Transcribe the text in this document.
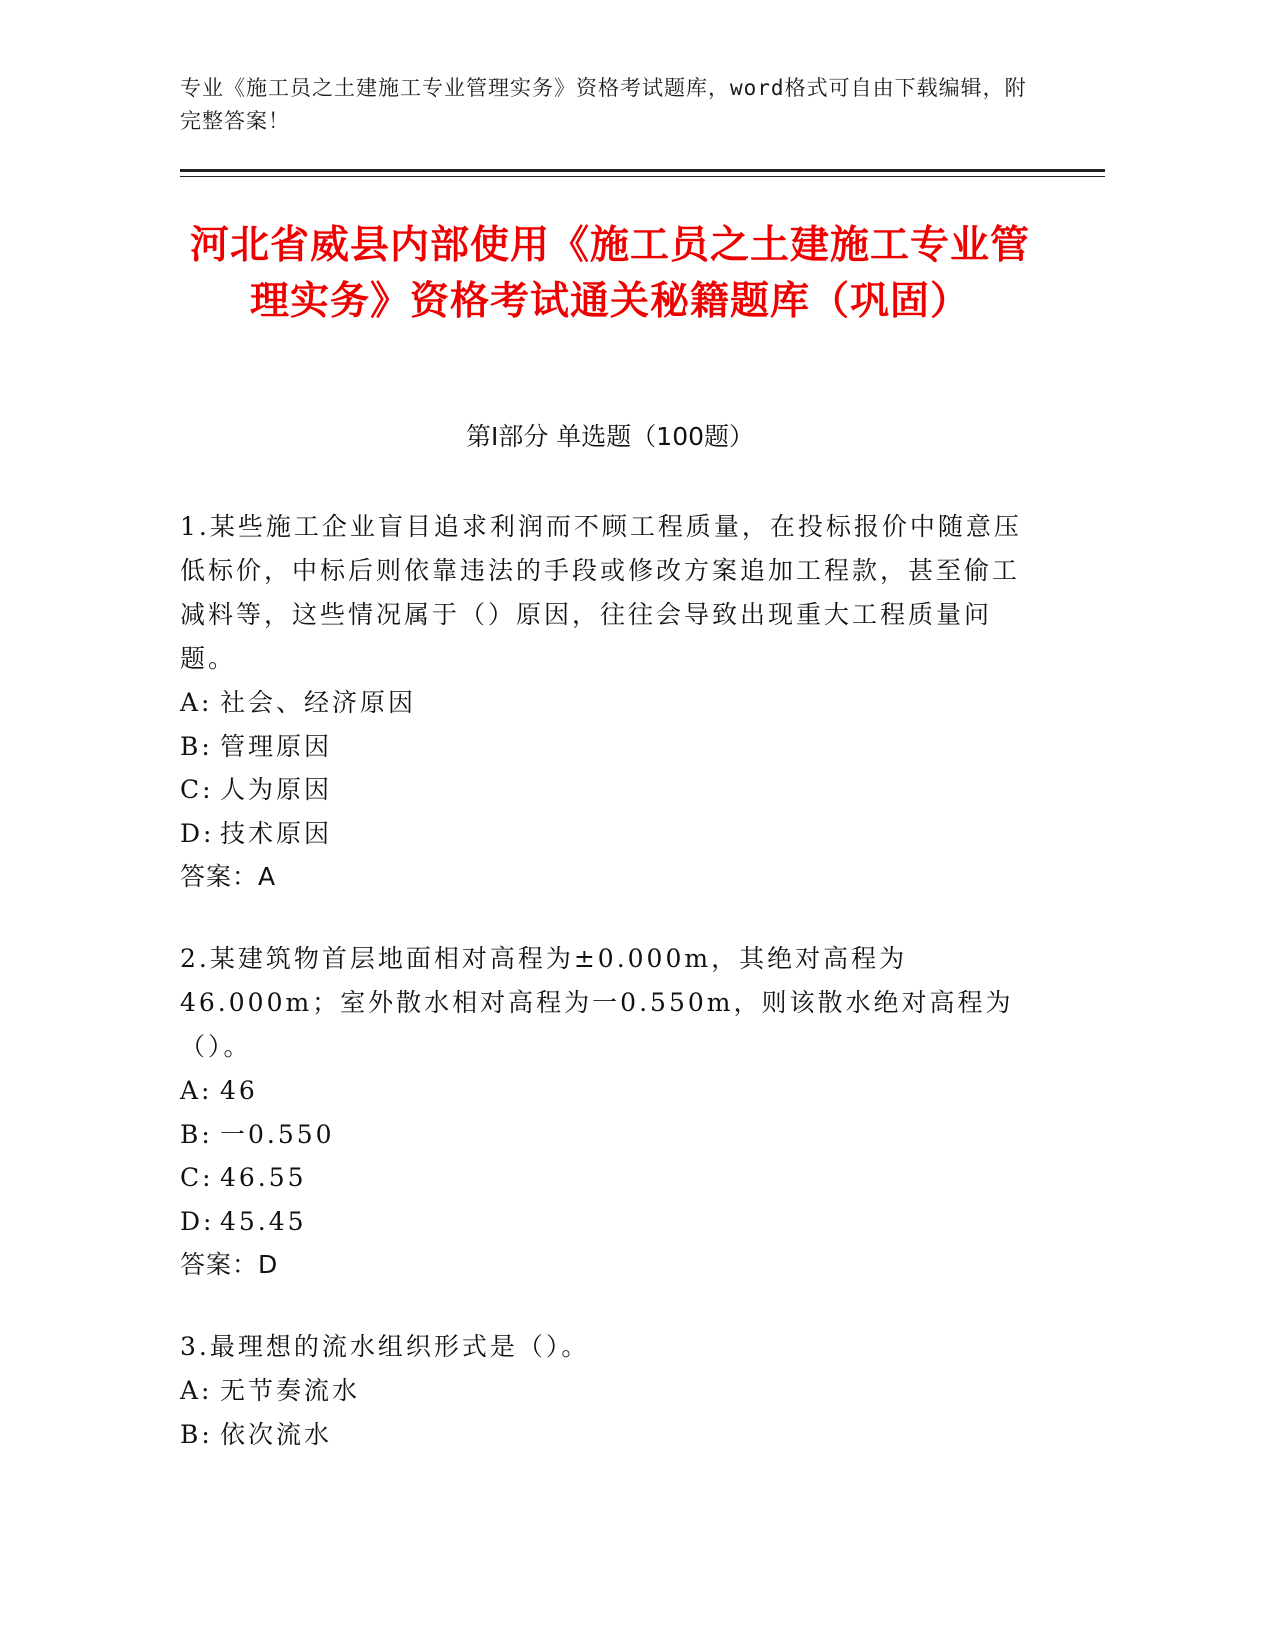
专业《施工员之土建施工专业管理实务》资格考试题库，word格式可自由下载编辑，附完整答案！
河北省威县内部使用《施工员之土建施工专业管理实务》资格考试通关秘籍题库（巩固）
第Ⅰ部分 单选题（100题）

1.某些施工企业盲目追求利润而不顾工程质量，在投标报价中随意压低标价，中标后则依靠违法的手段或修改方案追加工程款，甚至偷工减料等，这些情况属于（）原因，往往会导致出现重大工程质量问题。

A: 社会、经济原因

B: 管理原因

C: 人为原因

D: 技术原因

答案：A

2.某建筑物首层地面相对高程为±0.000m，其绝对高程为46.000m；室外散水相对高程为一0.550m，则该散水绝对高程为（）。

A: 46

B: 一0.550

C: 46.55

D: 45.45

答案：D

3.最理想的流水组织形式是（）。

A: 无节奏流水

B: 依次流水
